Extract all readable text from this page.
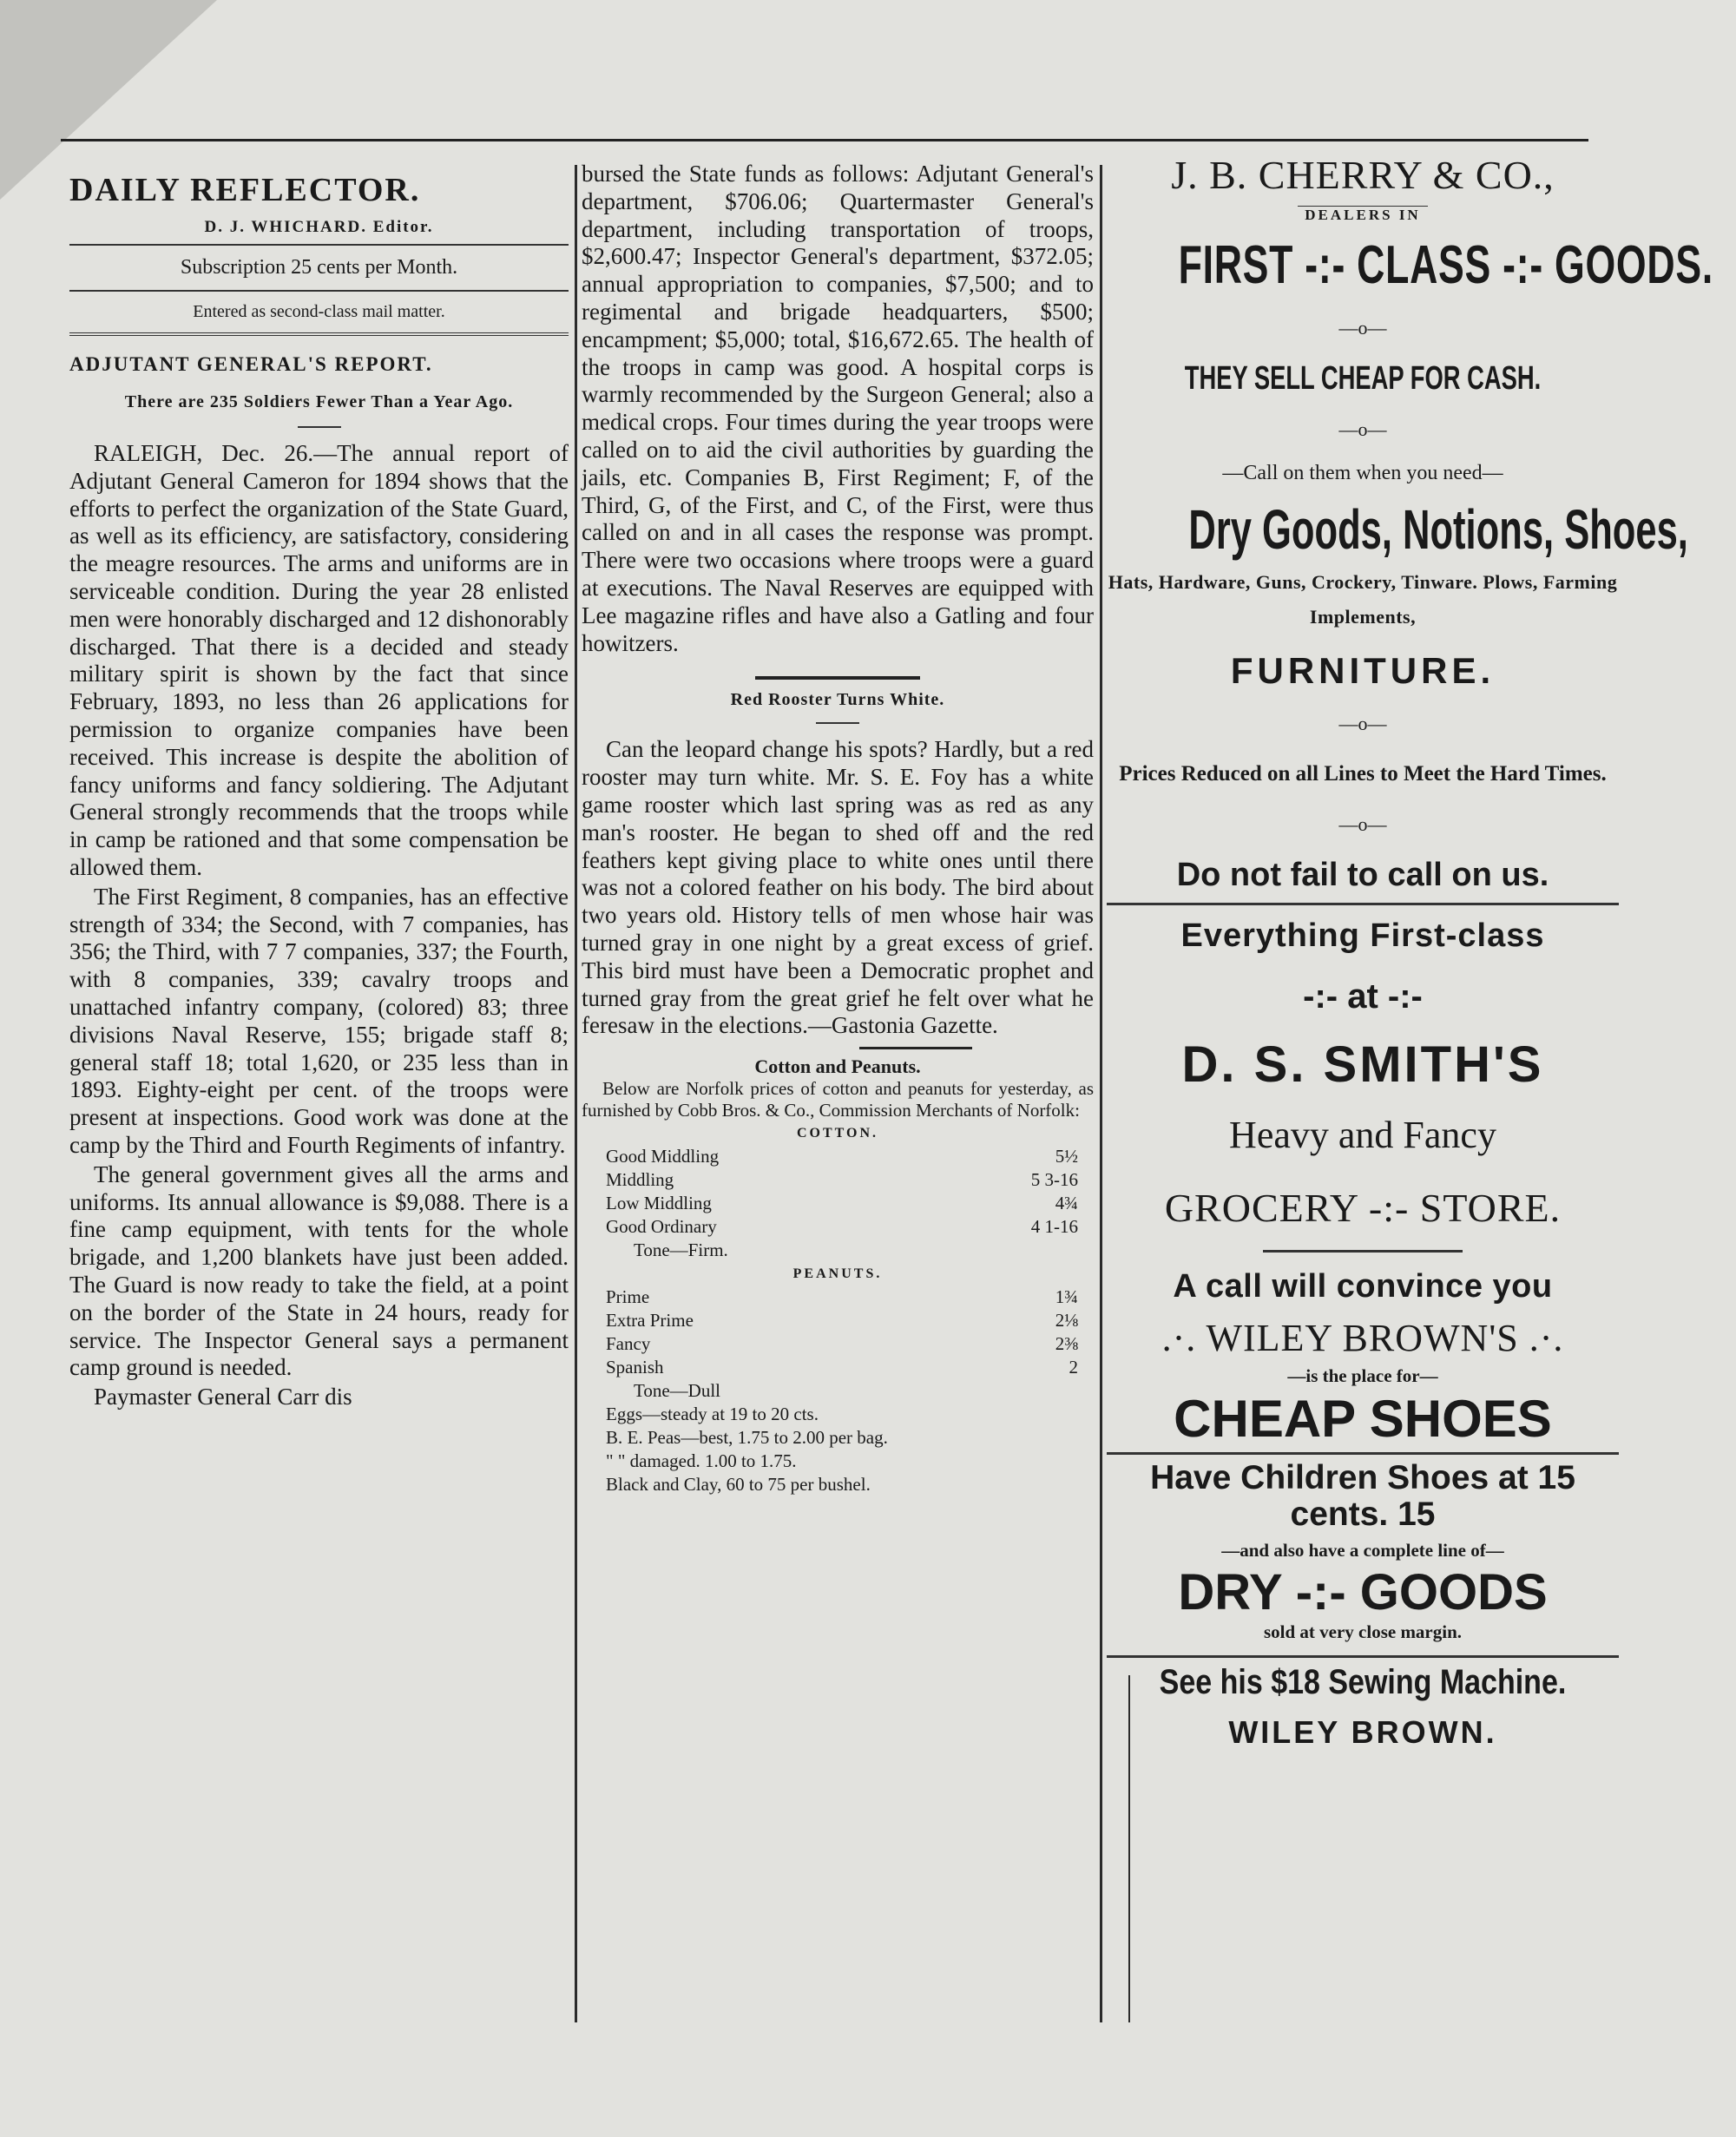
DAILY REFLECTOR.
D. J. WHICHARD. Editor.
Subscription 25 cents per Month.
Entered as second-class mail matter.
ADJUTANT GENERAL'S REPORT.
There are 235 Soldiers Fewer Than a Year Ago.

RALEIGH, Dec. 26.—The annual report of Adjutant General Cameron for 1894 shows that the efforts to perfect the organization of the State Guard, as well as its efficiency, are satisfactory, considering the meagre resources. The arms and uniforms are in serviceable condition. During the year 28 enlisted men were honorably discharged and 12 dishonorably discharged. That there is a decided and steady military spirit is shown by the fact that since February, 1893, no less than 26 applications for permission to organize companies have been received. This increase is despite the abolition of fancy uniforms and fancy soldiering. The Adjutant General strongly recommends that the troops while in camp be rationed and that some compensation be allowed them.

The First Regiment, 8 companies, has an effective strength of 334; the Second, with 7 companies, has 356; the Third, with 7 7 companies, 337; the Fourth, with 8 companies, 339; cavalry troops and unattached infantry company, (colored) 83; three divisions Naval Reserve, 155; brigade staff 8; general staff 18; total 1,620, or 235 less than in 1893. Eighty-eight per cent. of the troops were present at inspections. Good work was done at the camp by the Third and Fourth Regiments of infantry.

The general government gives all the arms and uniforms. Its annual allowance is $9,088. There is a fine camp equipment, with tents for the whole brigade, and 1,200 blankets have just been added. The Guard is now ready to take the field, at a point on the border of the State in 24 hours, ready for service. The Inspector General says a permanent camp ground is needed.

Paymaster General Carr dis

bursed the State funds as follows: Adjutant General's department, $706.06; Quartermaster General's department, including transportation of troops, $2,600.47; Inspector General's department, $372.05; annual appropriation to companies, $7,500; and to regimental and brigade headquarters, $500; encampment; $5,000; total, $16,672.65. The health of the troops in camp was good. A hospital corps is warmly recommended by the Surgeon General; also a medical crops. Four times during the year troops were called on to aid the civil authorities by guarding the jails, etc. Companies B, First Regiment; F, of the Third, G, of the First, and C, of the First, were thus called on and in all cases the response was prompt. There were two occasions where troops were a guard at executions. The Naval Reserves are equipped with Lee magazine rifles and have also a Gatling and four howitzers.

Red Rooster Turns White.

Can the leopard change his spots? Hardly, but a red rooster may turn white. Mr. S. E. Foy has a white game rooster which last spring was as red as any man's rooster. He began to shed off and the red feathers kept giving place to white ones until there was not a colored feather on his body. The bird about two years old. History tells of men whose hair was turned gray in one night by a great excess of grief. This bird must have been a Democratic prophet and turned gray from the great grief he felt over what he feresaw in the elections.—Gastonia Gazette.

Cotton and Peanuts.
Below are Norfolk prices of cotton and peanuts for yesterday, as furnished by Cobb Bros. & Co., Commission Merchants of Norfolk:
COTTON.
Good Middling	5½
Middling	5 3-16
Low Middling	4¾
Good Ordinary	4 1-16
Tone—Firm.
PEANUTS.
Prime	1¾
Extra Prime	2⅛
Fancy	2⅜
Spanish	2
Tone—Dull
Eggs—steady at 19 to 20 cts.
B. E. Peas—best, 1.75 to 2.00 per bag.
" " damaged. 1.00 to 1.75.
Black and Clay, 60 to 75 per bushel.
J. B. CHERRY & CO.,
DEALERS IN
FIRST -:- CLASS -:- GOODS.
—o—
THEY SELL CHEAP FOR CASH.
—o—
—Call on them when you need—
Dry Goods, Notions, Shoes,
Hats, Hardware, Guns, Crockery, Tinware. Plows, Farming Implements,
FURNITURE.
—o—
Prices Reduced on all Lines to Meet the Hard Times.
—o—
Do not fail to call on us.
Everything First-class
-:- at -:-
D. S. SMITH'S
Heavy and Fancy
GROCERY -:- STORE.
A call will convince you
.·. WILEY BROWN'S .·.
—is the place for—
CHEAP SHOES
Have Children Shoes at 15 cents. 15
—and also have a complete line of—
DRY -:- GOODS
sold at very close margin.
See his $18 Sewing Machine.
WILEY BROWN.
